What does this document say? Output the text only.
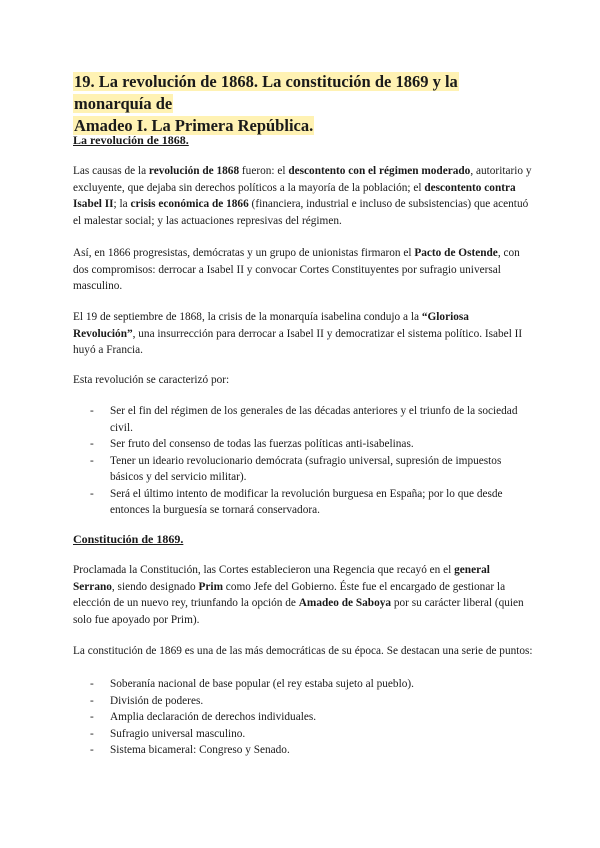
19. La revolución de 1868. La constitución de 1869 y la monarquía de
Amadeo I. La Primera República.
La revolución de 1868.

Las causas de la revolución de 1868 fueron: el descontento con el régimen moderado, autoritario y excluyente, que dejaba sin derechos políticos a la mayoría de la población; el descontento contra Isabel II; la crisis económica de 1866 (financiera, industrial e incluso de subsistencias) que acentuó el malestar social; y las actuaciones represivas del régimen.

Así, en 1866 progresistas, demócratas y un grupo de unionistas firmaron el Pacto de Ostende, con dos compromisos: derrocar a Isabel II y convocar Cortes Constituyentes por sufragio universal masculino.

El 19 de septiembre de 1868, la crisis de la monarquía isabelina condujo a la “Gloriosa Revolución”, una insurrección para derrocar a Isabel II y democratizar el sistema político. Isabel II huyó a Francia.

Esta revolución se caracterizó por:

- Ser el fin del régimen de los generales de las décadas anteriores y el triunfo de la sociedad civil.
- Ser fruto del consenso de todas las fuerzas políticas anti-isabelinas.
- Tener un ideario revolucionario demócrata (sufragio universal, supresión de impuestos básicos y del servicio militar).
- Será el último intento de modificar la revolución burguesa en España; por lo que desde entonces la burguesía se tornará conservadora.
Constitución de 1869.

Proclamada la Constitución, las Cortes establecieron una Regencia que recayó en el general Serrano, siendo designado Prim como Jefe del Gobierno. Éste fue el encargado de gestionar la elección de un nuevo rey, triunfando la opción de Amadeo de Saboya por su carácter liberal (quien solo fue apoyado por Prim).

La constitución de 1869 es una de las más democráticas de su época. Se destacan una serie de puntos:

- Soberanía nacional de base popular (el rey estaba sujeto al pueblo).
- División de poderes.
- Amplia declaración de derechos individuales.
- Sufragio universal masculino.
- Sistema bicameral: Congreso y Senado.
